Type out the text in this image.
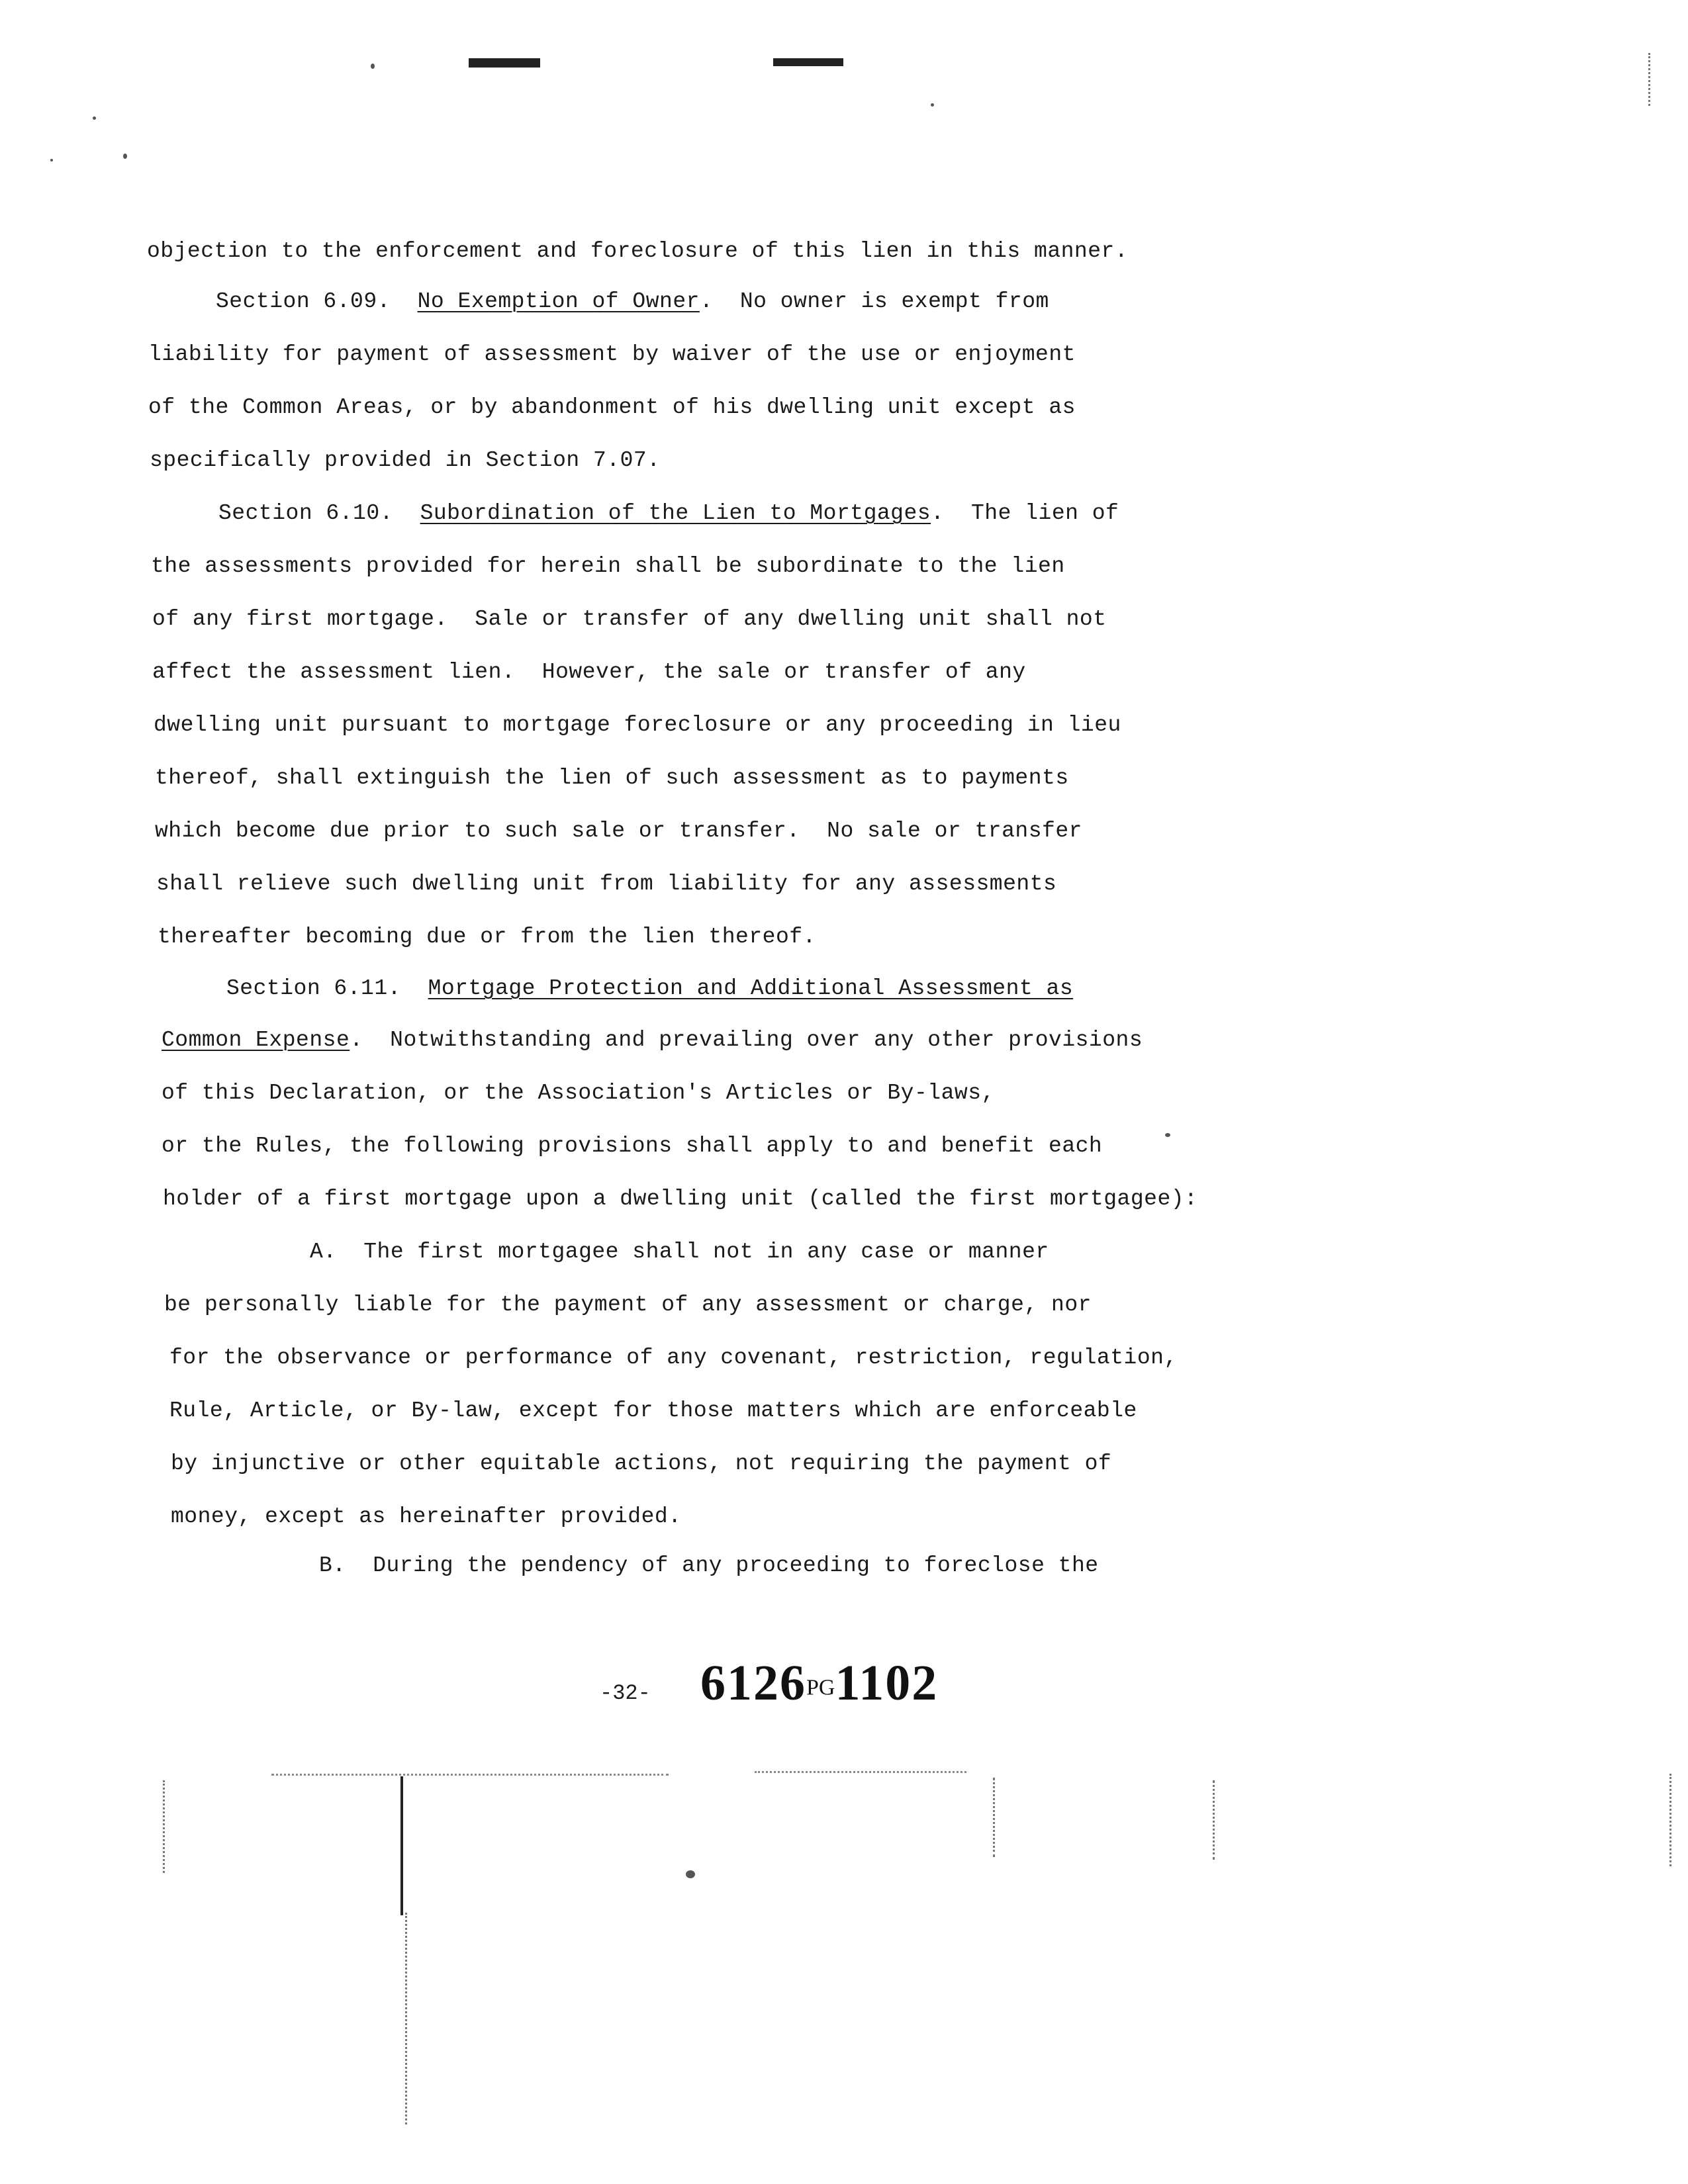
objection to the enforcement and foreclosure of this lien in this manner.
Section 6.09. No Exemption of Owner.  No owner is exempt from
liability for payment of assessment by waiver of the use or enjoyment
of the Common Areas, or by abandonment of his dwelling unit except as
specifically provided in Section 7.07.
Section 6.10. Subordination of the Lien to Mortgages.  The lien of
the assessments provided for herein shall be subordinate to the lien
of any first mortgage.  Sale or transfer of any dwelling unit shall not
affect the assessment lien.  However, the sale or transfer of any
dwelling unit pursuant to mortgage foreclosure or any proceeding in lieu
thereof, shall extinguish the lien of such assessment as to payments
which become due prior to such sale or transfer.  No sale or transfer
shall relieve such dwelling unit from liability for any assessments
thereafter becoming due or from the lien thereof.
Section 6.11. Mortgage Protection and Additional Assessment as
Common Expense.  Notwithstanding and prevailing over any other provisions
of this Declaration, or the Association's Articles or By-laws,
or the Rules, the following provisions shall apply to and benefit each
holder of a first mortgage upon a dwelling unit (called the first mortgagee):
A.  The first mortgagee shall not in any case or manner
be personally liable for the payment of any assessment or charge, nor
for the observance or performance of any covenant, restriction, regulation,
Rule, Article, or By-law, except for those matters which are enforceable
by injunctive or other equitable actions, not requiring the payment of
money, except as hereinafter provided.
B.  During the pendency of any proceeding to foreclose the
-32- 6126PG1102
